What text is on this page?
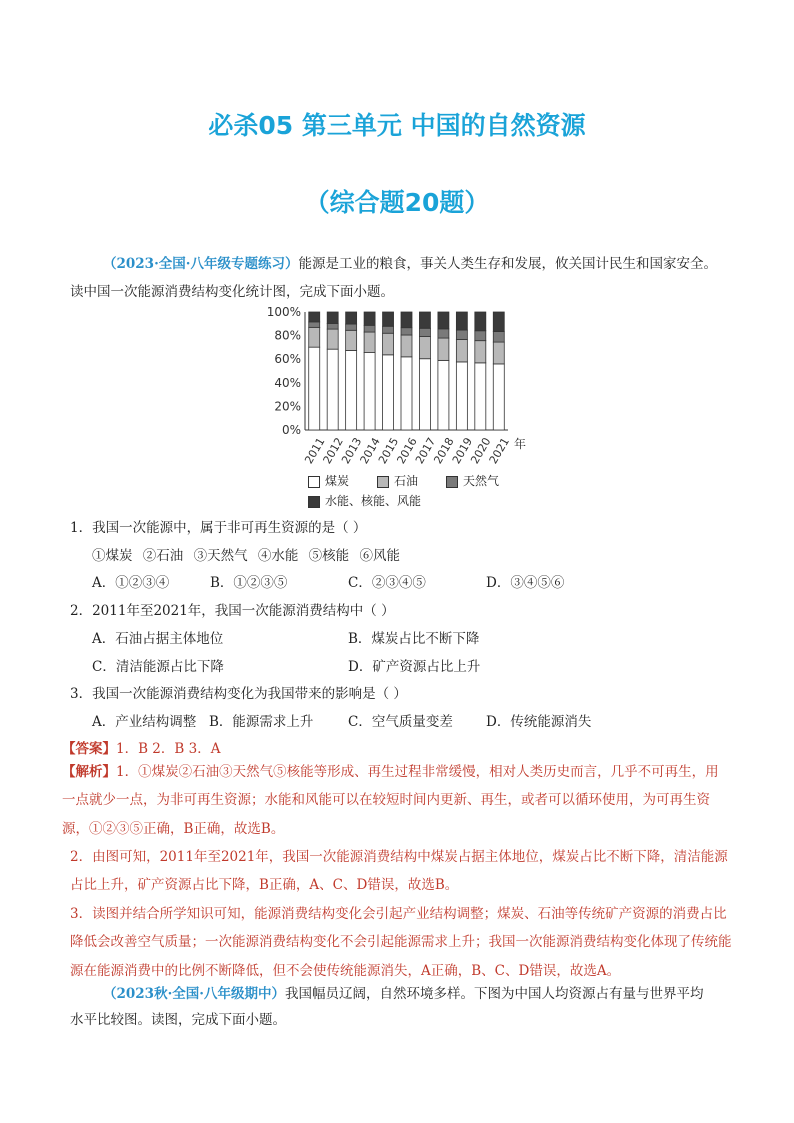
必杀05 第三单元 中国的自然资源
（综合题20题）
（2023·全国·八年级专题练习）能源是工业的粮食，事关人类生存和发展，攸关国计民生和国家安全。
读中国一次能源消费结构变化统计图，完成下面小题。
0%
20%
40%
60%
80%
100%
2011
2012
2013
2014
2015
2016
2017
2018
2019
2020
2021 年
煤炭	石油	天然气
水能、核能、风能
1．我国一次能源中，属于非可再生资源的是（ ）
①煤炭 ②石油 ③天然气 ④水能 ⑤核能 ⑥风能
A．①②③④	B．①②③⑤	C．②③④⑤	D．③④⑤⑥
2．2011年至2021年，我国一次能源消费结构中（ ）
A．石油占据主体地位	B．煤炭占比不断下降
C．清洁能源占比下降	D．矿产资源占比上升
3．我国一次能源消费结构变化为我国带来的影响是（ ）
A．产业结构调整 B．能源需求上升	C．空气质量变差 D．传统能源消失
【答案】1．B 2．B 3．A
【解析】1．①煤炭②石油③天然气⑤核能等形成、再生过程非常缓慢，相对人类历史而言，几乎不可再生，用一点就少一点，为非可再生资源；水能和风能可以在较短时间内更新、再生，或者可以循环使用，为可再生资源，①②③⑤正确，B正确，故选B。
2．由图可知，2011年至2021年，我国一次能源消费结构中煤炭占据主体地位，煤炭占比不断下降，清洁能源占比上升，矿产资源占比下降，B正确，A、C、D错误，故选B。
3．读图并结合所学知识可知，能源消费结构变化会引起产业结构调整；煤炭、石油等传统矿产资源的消费占比降低会改善空气质量；一次能源消费结构变化不会引起能源需求上升；我国一次能源消费结构变化体现了传统能源在能源消费中的比例不断降低，但不会使传统能源消失，A正确，B、C、D错误，故选A。
（2023秋·全国·八年级期中）我国幅员辽阔，自然环境多样。下图为中国人均资源占有量与世界平均
水平比较图。读图，完成下面小题。
